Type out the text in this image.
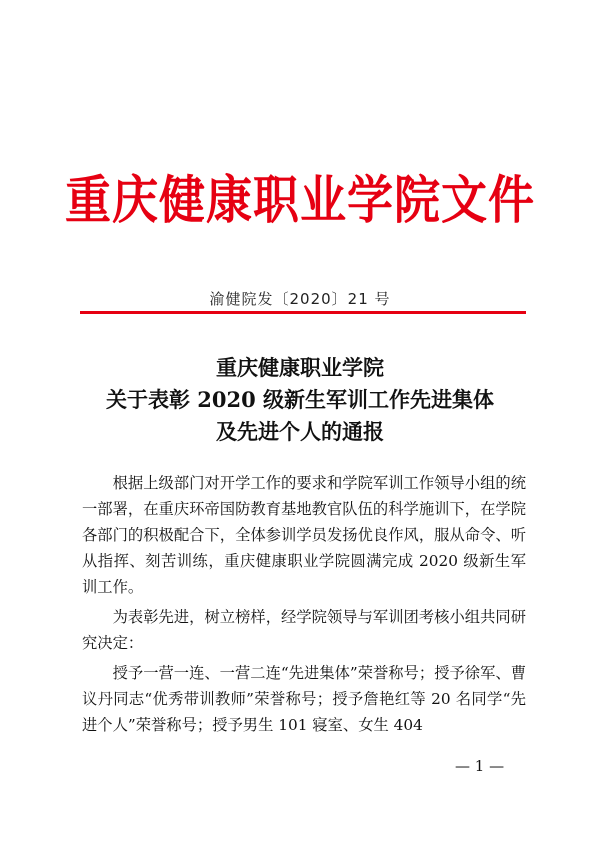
重庆健康职业学院文件
渝健院发〔2020〕21 号
重庆健康职业学院
关于表彰 2020 级新生军训工作先进集体
及先进个人的通报

根据上级部门对开学工作的要求和学院军训工作领导小组的统一部署，在重庆环帝国防教育基地教官队伍的科学施训下，在学院各部门的积极配合下，全体参训学员发扬优良作风，服从命令、听从指挥、刻苦训练，重庆健康职业学院圆满完成 2020 级新生军训工作。

为表彰先进，树立榜样，经学院领导与军训团考核小组共同研究决定：

授予一营一连、一营二连“先进集体”荣誉称号；授予徐军、曹议丹同志“优秀带训教师”荣誉称号；授予詹艳红等 20 名同学“先进个人”荣誉称号；授予男生 101 寝室、女生 404

— 1 —
